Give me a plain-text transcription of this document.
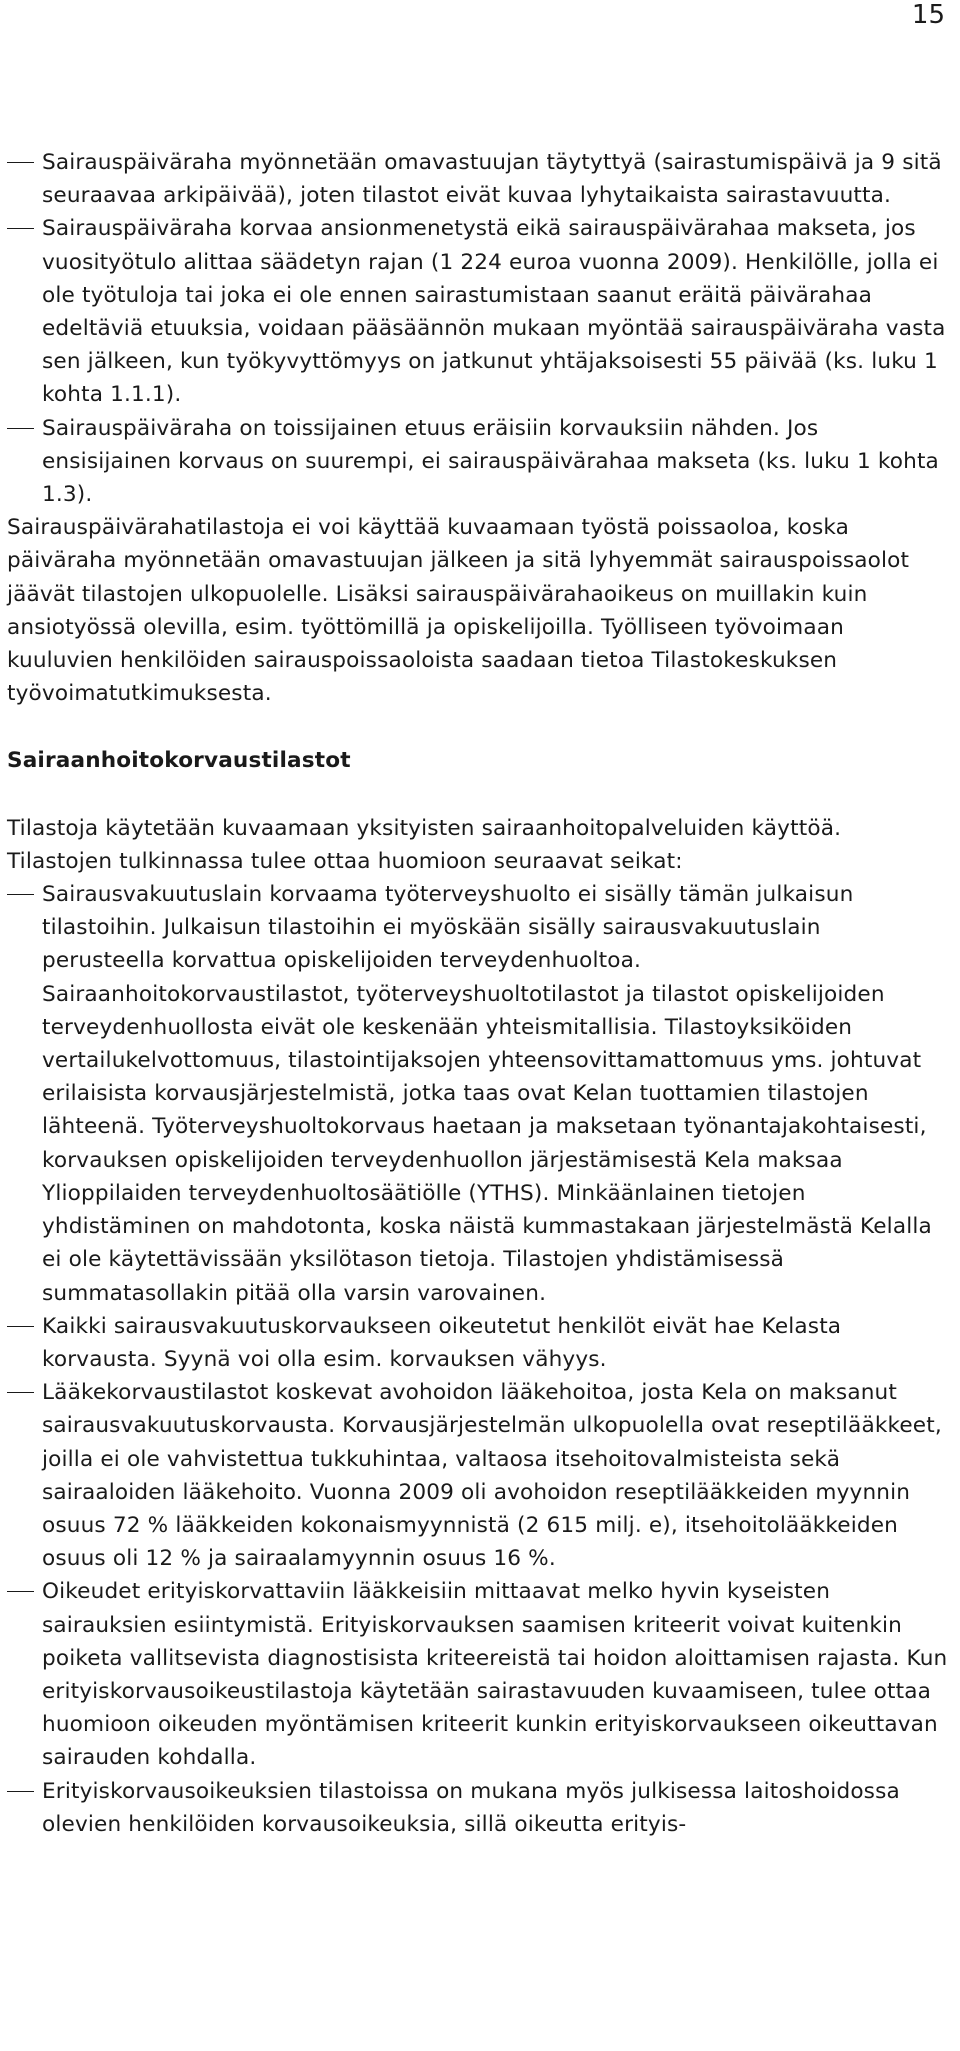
15

Sairauspäiväraha myönnetään omavastuujan täytyttyä (sairastumispäivä ja 9 sitä seuraavaa arkipäivää), joten tilastot eivät kuvaa lyhytaikaista sairastavuutta.

Sairauspäiväraha korvaa ansionmenetystä eikä sairauspäivärahaa makseta, jos vuosityötulo alittaa säädetyn rajan (1 224 euroa vuonna 2009). Henkilölle, jolla ei ole työtuloja tai joka ei ole ennen sairastumistaan saanut eräitä päivärahaa edeltäviä etuuksia, voidaan pääsäännön mukaan myöntää sairauspäiväraha vasta sen jälkeen, kun työkyvyttömyys on jatkunut yhtäjaksoisesti 55 päivää (ks. luku 1 kohta 1.1.1).

Sairauspäiväraha on toissijainen etuus eräisiin korvauksiin nähden. Jos ensisijainen korvaus on suurempi, ei sairauspäivärahaa makseta (ks. luku 1 kohta 1.3).

Sairauspäivärahatilastoja ei voi käyttää kuvaamaan työstä poissaoloa, koska päiväraha myönnetään omavastuujan jälkeen ja sitä lyhyemmät sairauspoissaolot jäävät tilastojen ulkopuolelle. Lisäksi sairauspäivärahaoikeus on muillakin kuin ansiotyössä olevilla, esim. työttömillä ja opiskelijoilla. Työlliseen työvoimaan kuuluvien henkilöiden sairauspoissaoloista saadaan tietoa Tilastokeskuksen työvoimatutkimuksesta.

Sairaanhoitokorvaustilastot

Tilastoja käytetään kuvaamaan yksityisten sairaanhoitopalveluiden käyttöä.

Tilastojen tulkinnassa tulee ottaa huomioon seuraavat seikat:

Sairausvakuutuslain korvaama työterveyshuolto ei sisälly tämän julkaisun tilastoihin. Julkaisun tilastoihin ei myöskään sisälly sairausvakuutuslain perusteella korvattua opiskelijoiden terveydenhuoltoa. Sairaanhoitokorvaustilastot, työterveyshuoltotilastot ja tilastot opiskelijoiden terveydenhuollosta eivät ole keskenään yhteismitallisia. Tilastoyksiköiden vertailukelvottomuus, tilastointijaksojen yhteensovittamattomuus yms. johtuvat erilaisista korvausjärjestelmistä, jotka taas ovat Kelan tuottamien tilastojen lähteenä. Työterveyshuoltokorvaus haetaan ja maksetaan työnantajakohtaisesti, korvauksen opiskelijoiden terveydenhuollon järjestämisestä Kela maksaa Ylioppilaiden terveydenhuoltosäätiölle (YTHS). Minkäänlainen tietojen yhdistäminen on mahdotonta, koska näistä kummastakaan järjestelmästä Kelalla ei ole käytettävissään yksilötason tietoja. Tilastojen yhdistämisessä summatasollakin pitää olla varsin varovainen.

Kaikki sairausvakuutuskorvaukseen oikeutetut henkilöt eivät hae Kelasta korvausta. Syynä voi olla esim. korvauksen vähyys.

Lääkekorvaustilastot koskevat avohoidon lääkehoitoa, josta Kela on maksanut sairausvakuutuskorvausta. Korvausjärjestelmän ulkopuolella ovat reseptilääkkeet, joilla ei ole vahvistettua tukkuhintaa, valtaosa itsehoitovalmisteista sekä sairaaloiden lääkehoito. Vuonna 2009 oli avohoidon reseptilääkkeiden myynnin osuus 72 % lääkkeiden kokonaismyynnistä (2 615 milj. e), itsehoitolääkkeiden osuus oli 12 % ja sairaalamyynnin osuus 16 %.

Oikeudet erityiskorvattaviin lääkkeisiin mittaavat melko hyvin kyseisten sairauksien esiintymistä. Erityiskorvauksen saamisen kriteerit voivat kuitenkin poiketa vallitsevista diagnostisista kriteereistä tai hoidon aloittamisen rajasta. Kun erityiskorvausoikeustilastoja käytetään sairastavuuden kuvaamiseen, tulee ottaa huomioon oikeuden myöntämisen kriteerit kunkin erityiskorvaukseen oikeuttavan sairauden kohdalla.

Erityiskorvausoikeuksien tilastoissa on mukana myös julkisessa laitoshoidossa olevien henkilöiden korvausoikeuksia, sillä oikeutta erityis-
